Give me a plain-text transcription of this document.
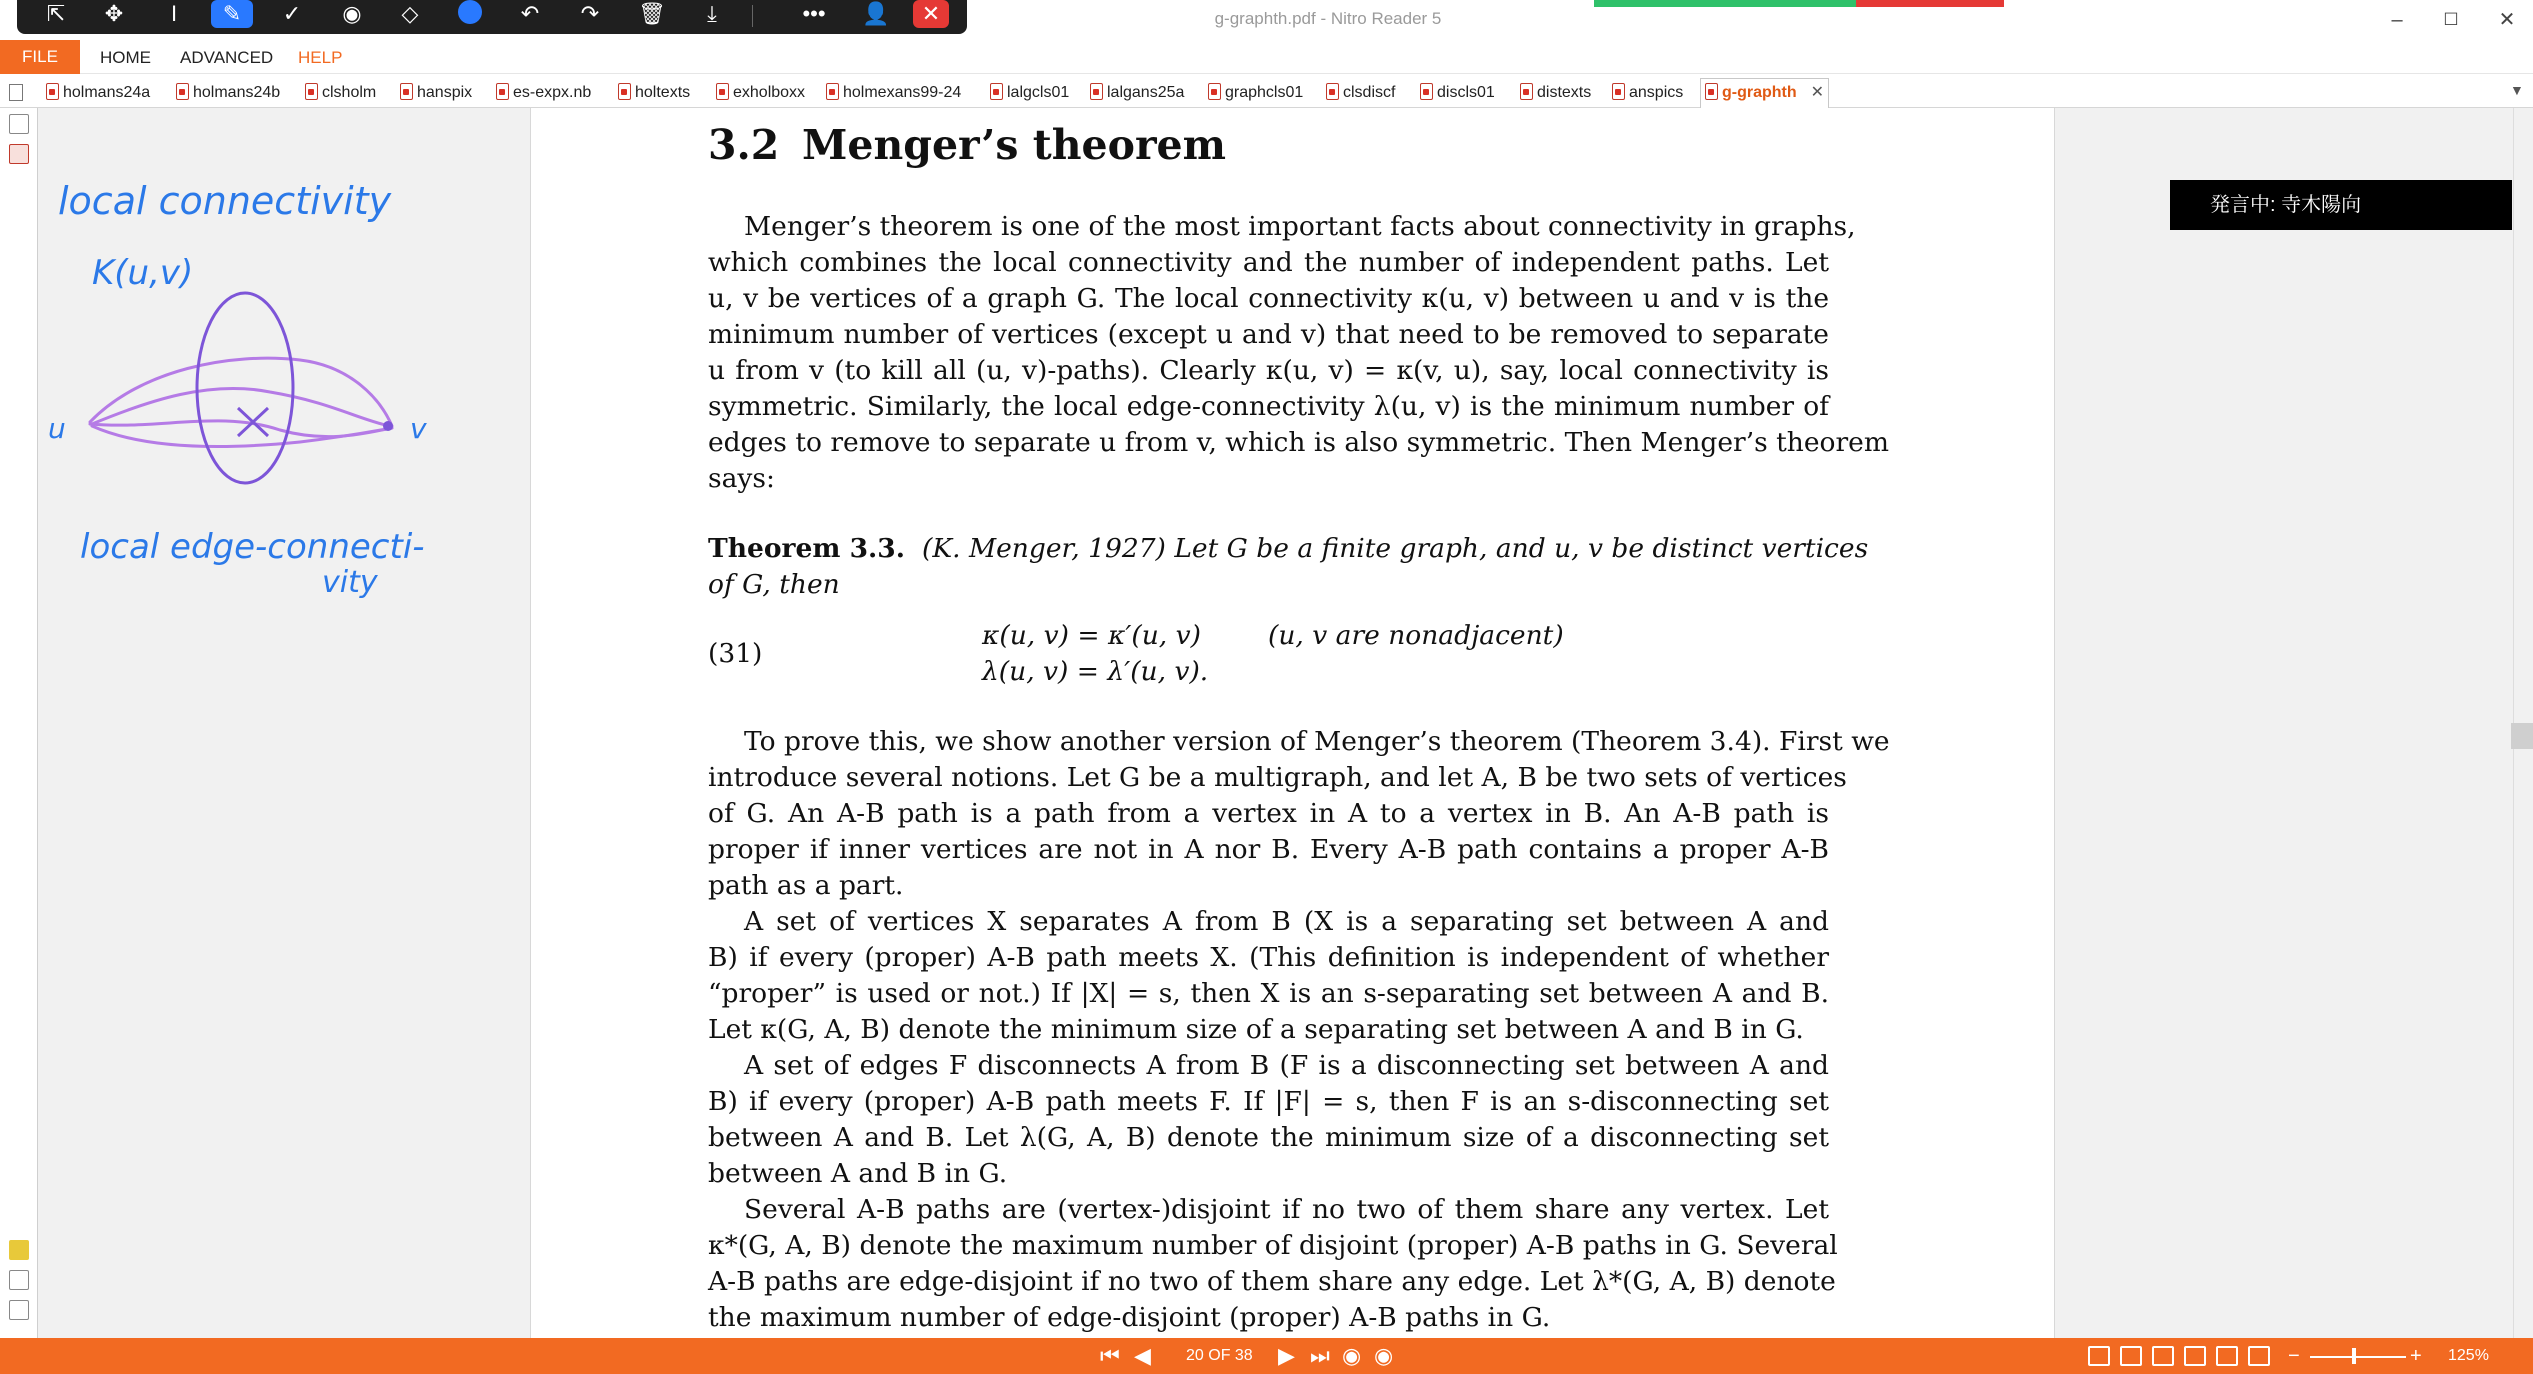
g-graphth.pdf - Nitro Reader 5	–	☐	✕
⇱	✥	I	✎	✓	◉	◇	↶	↷	🗑	⤓	•••	👤	✕
FILE	HOME ADVANCED HELP
holmans24a	holmans24b	clsholm	hanspix	es-expx.nb	holtexts	exholboxx	holmexans99-24	lalgcls01	lalgans25a	graphcls01	clsdiscf	discls01	distexts	anspics	g-graphth ✕	▼
3.2 Menger’s theorem
Menger’s theorem is one of the most important facts about connectivity in graphs,
which combines the local connectivity and the number of independent paths. Let
u, v be vertices of a graph G. The local connectivity κ(u, v) between u and v is the
minimum number of vertices (except u and v) that need to be removed to separate
u from v (to kill all (u, v)-paths). Clearly κ(u, v) = κ(v, u), say, local connectivity is
symmetric. Similarly, the local edge-connectivity λ(u, v) is the minimum number of
edges to remove to separate u from v, which is also symmetric. Then Menger’s theorem
says:
Theorem 3.3. (K. Menger, 1927) Let G be a finite graph, and u, v be distinct vertices
of G, then
(31)
κ(u, v) = κ′(u, v)	(u, v are nonadjacent)
λ(u, v) = λ′(u, v).
To prove this, we show another version of Menger’s theorem (Theorem 3.4). First we
introduce several notions. Let G be a multigraph, and let A, B be two sets of vertices
of G. An A-B path is a path from a vertex in A to a vertex in B. An A-B path is
proper if inner vertices are not in A nor B. Every A-B path contains a proper A-B
path as a part.
A set of vertices X separates A from B (X is a separating set between A and
B) if every (proper) A-B path meets X. (This definition is independent of whether
“proper” is used or not.) If |X| = s, then X is an s-separating set between A and B.
Let κ(G, A, B) denote the minimum size of a separating set between A and B in G.
A set of edges F disconnects A from B (F is a disconnecting set between A and
B) if every (proper) A-B path meets F. If |F| = s, then F is an s-disconnecting set
between A and B. Let λ(G, A, B) denote the minimum size of a disconnecting set
between A and B in G.
Several A-B paths are (vertex-)disjoint if no two of them share any vertex. Let
κ*(G, A, B) denote the maximum number of disjoint (proper) A-B paths in G. Several
A-B paths are edge-disjoint if no two of them share any edge. Let λ*(G, A, B) denote
the maximum number of edge-disjoint (proper) A-B paths in G.
local connectivity
K(u,v)
local edge-connecti-
vity
u	v
発言中: 寺木陽向
⏮ ◀ 20 OF 38 ▶ ⏭ ◉ ◉	−	+ 125%
